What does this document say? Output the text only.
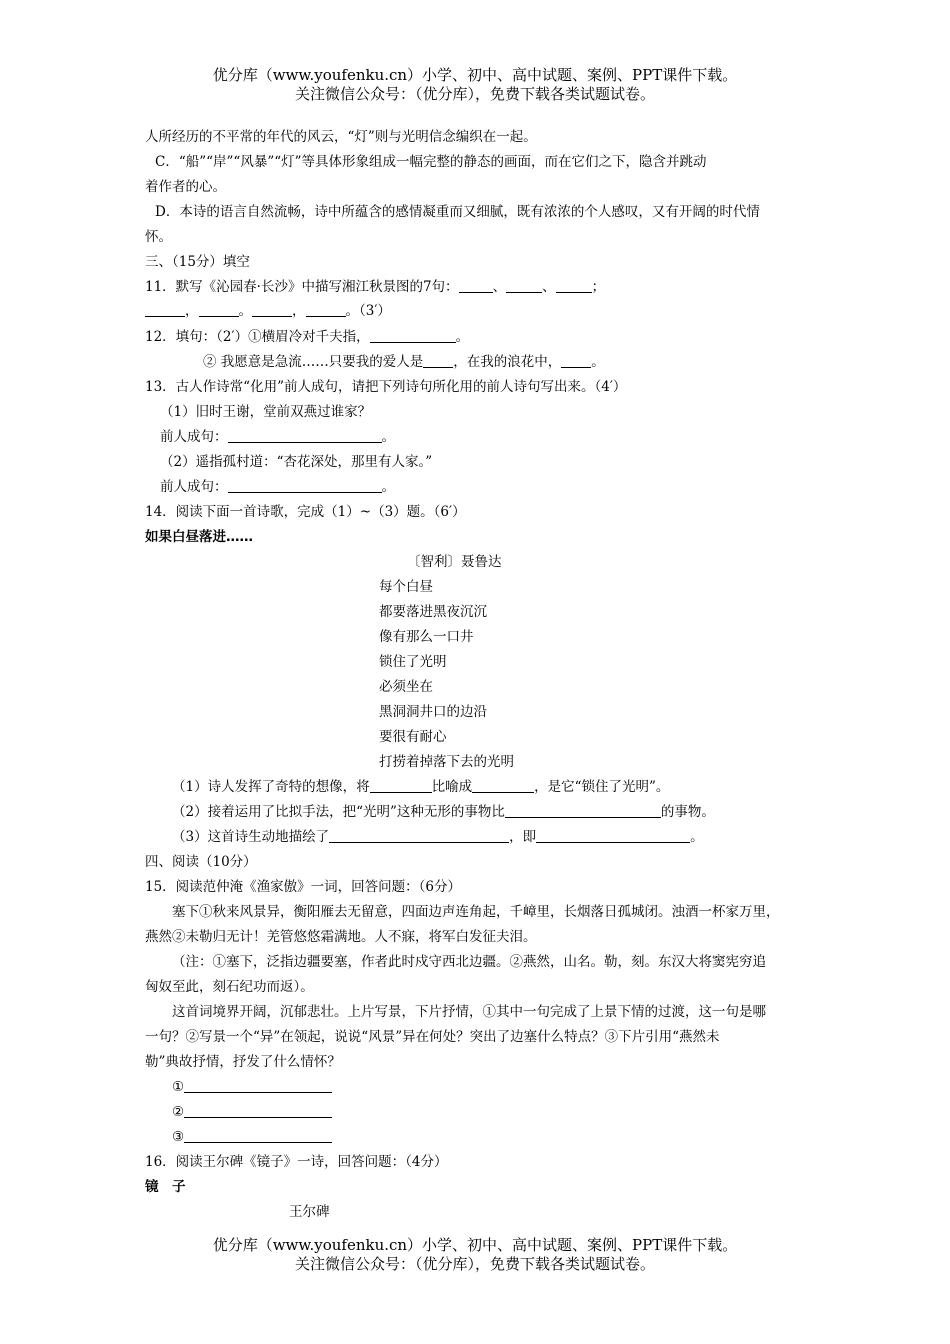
优分库（www.youfenku.cn）小学、初中、高中试题、案例、PPT课件下载。
关注微信公众号：（优分库），免费下载各类试题试卷。
人所经历的不平常的年代的风云，“灯”则与光明信念编织在一起。
C．“船”“岸”“风暴”“灯”等具体形象组成一幅完整的静态的画面，而在它们之下，隐含并跳动
着作者的心。
D．本诗的语言自然流畅，诗中所蕴含的感情凝重而又细腻，既有浓浓的个人感叹，又有开阔的时代情
怀。
三、（15分）填空
11．默写《沁园春·长沙》中描写湘江秋景图的7句：	、	、	；
，	。	，	。（3′）
12．填句：（2′）①横眉冷对千夫指，	。
② 我愿意是急流……只要我的爱人是 ，在我的浪花中， 。
13．古人作诗常“化用”前人成句，请把下列诗句所化用的前人诗句写出来。（4′）
（1）旧时王谢，堂前双燕过谁家？
前人成句：	。
（2）遥指孤村道：“杏花深处，那里有人家。”
前人成句：	。
14．阅读下面一首诗歌，完成（1）~（3）题。（6′）
如果白昼落进……
〔智利〕聂鲁达
每个白昼
都要落进黑夜沉沉
像有那么一口井
锁住了光明
必须坐在
黑洞洞井口的边沿
要很有耐心
打捞着掉落下去的光明
（1）诗人发挥了奇特的想像，将	比喻成	，是它“锁住了光明”。
（2）接着运用了比拟手法，把“光明”这种无形的事物比	的事物。
（3）这首诗生动地描绘了	，即	。
四、阅读（10分）
15．阅读范仲淹《渔家傲》一词，回答问题：（6分）
塞下①秋来风景异，衡阳雁去无留意，四面边声连角起，千嶂里，长烟落日孤城闭。浊酒一杯家万里，
燕然②未勒归无计！羌管悠悠霜满地。人不寐，将军白发征夫泪。
（注：①塞下，泛指边疆要塞，作者此时戍守西北边疆。②燕然，山名。勒，刻。东汉大将窦宪穷追
匈奴至此，刻石纪功而返）。
这首词境界开阔，沉郁悲壮。上片写景，下片抒情，①其中一句完成了上景下情的过渡，这一句是哪
一句？②写景一个“异”在领起，说说“风景”异在何处？突出了边塞什么特点？③下片引用“燕然未
勒”典故抒情，抒发了什么情怀？
①
②
③
16．阅读王尔碑《镜子》一诗，回答问题：（4分）
镜　子
王尔碑
优分库（www.youfenku.cn）小学、初中、高中试题、案例、PPT课件下载。
关注微信公众号：（优分库），免费下载各类试题试卷。
